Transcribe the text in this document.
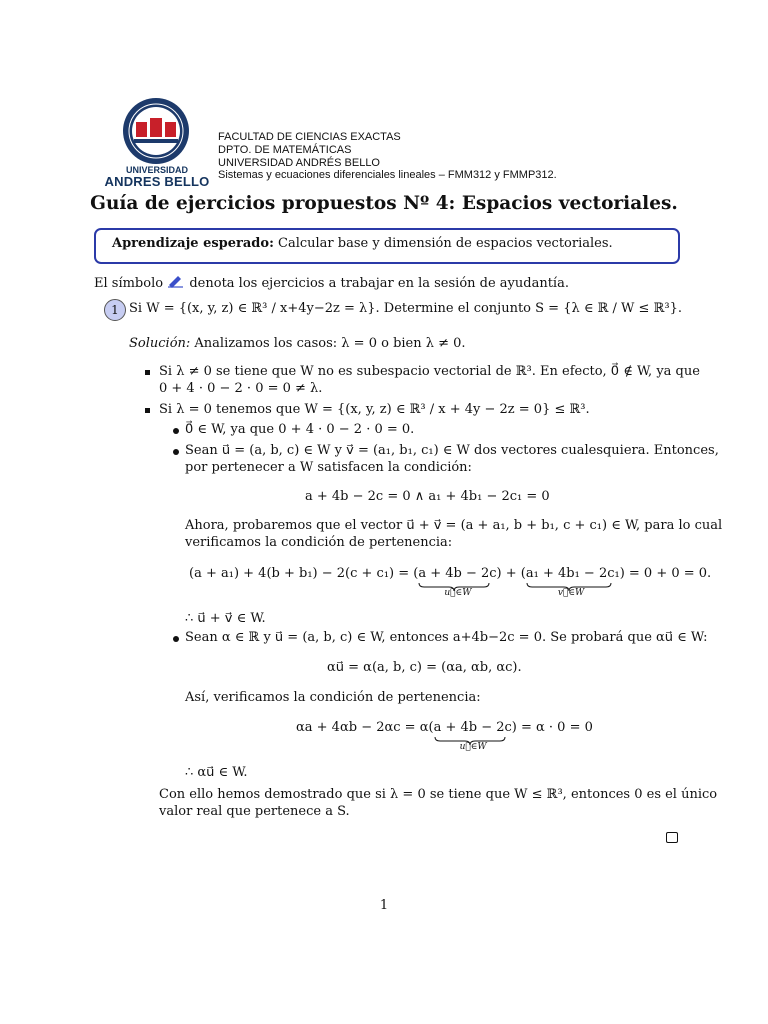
UNIVERSIDAD
ANDRES BELLO
FACULTAD DE CIENCIAS EXACTAS
DPTO. DE MATEMÁTICAS
UNIVERSIDAD ANDRÉS BELLO
Sistemas y ecuaciones diferenciales lineales – FMM312 y FMMP312.
Guía de ejercicios propuestos Nº 4: Espacios vectoriales.
Aprendizaje esperado: Calcular base y dimensión de espacios vectoriales.
El símbolo denota los ejercicios a trabajar en la sesión de ayudantía.
1 Si W = {(x, y, z) ∈ ℝ³ / x+4y−2z = λ}. Determine el conjunto S = {λ ∈ ℝ / W ≤ ℝ³}.
Solución: Analizamos los casos: λ = 0 o bien λ ≠ 0.
Si λ ≠ 0 se tiene que W no es subespacio vectorial de ℝ³. En efecto, 0⃗ ∉ W, ya que
0 + 4 · 0 − 2 · 0 = 0 ≠ λ.
Si λ = 0 tenemos que W = {(x, y, z) ∈ ℝ³ / x + 4y − 2z = 0} ≤ ℝ³.
0⃗ ∈ W, ya que 0 + 4 · 0 − 2 · 0 = 0.
Sean u⃗ = (a, b, c) ∈ W y v⃗ = (a₁, b₁, c₁) ∈ W dos vectores cualesquiera. Entonces,
por pertenecer a W satisfacen la condición:
a + 4b − 2c = 0 ∧ a₁ + 4b₁ − 2c₁ = 0
Ahora, probaremos que el vector u⃗ + v⃗ = (a + a₁, b + b₁, c + c₁) ∈ W, para lo cual
verificamos la condición de pertenencia:
(a + a₁) + 4(b + b₁) − 2(c + c₁) = (a + 4b − 2c
u⃗∈W
) + (a₁ + 4b₁ − 2c₁
v⃗∈W
) = 0 + 0 = 0.
∴ u⃗ + v⃗ ∈ W.
Sean α ∈ ℝ y u⃗ = (a, b, c) ∈ W, entonces a+4b−2c = 0. Se probará que αu⃗ ∈ W:
αu⃗ = α(a, b, c) = (αa, αb, αc).
Así, verificamos la condición de pertenencia:
αa + 4αb − 2αc = α(a + 4b − 2c
u⃗∈W
) = α · 0 = 0
∴ αu⃗ ∈ W.
Con ello hemos demostrado que si λ = 0 se tiene que W ≤ ℝ³, entonces 0 es el único
valor real que pertenece a S.
1
